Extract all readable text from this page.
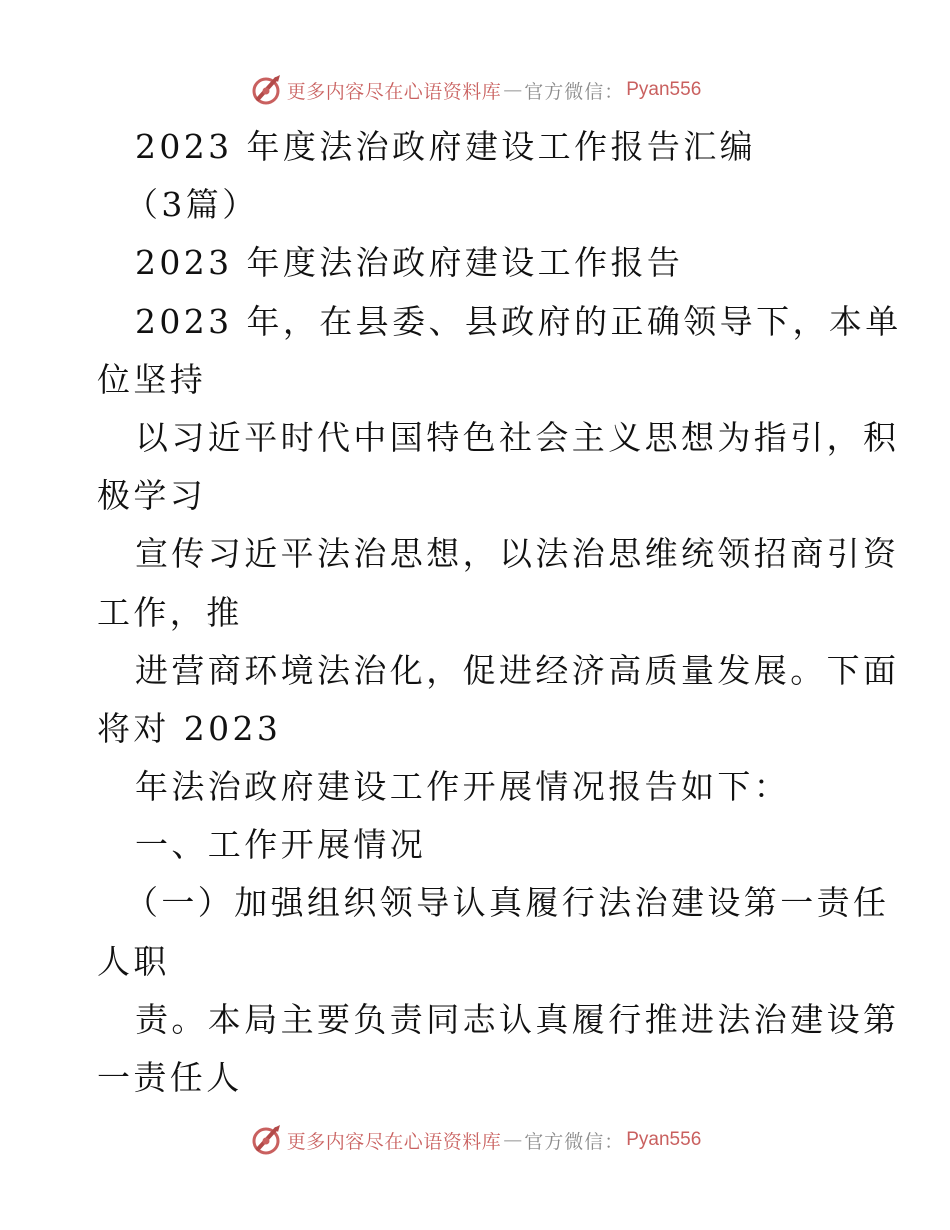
更多内容尽在心语资料库 — 官方微信： Pyan556
2023 年度法治政府建设工作报告汇编
（3篇）
2023 年度法治政府建设工作报告
2023 年，在县委、县政府的正确领导下，本单
位坚持
以习近平时代中国特色社会主义思想为指引，积
极学习
宣传习近平法治思想，以法治思维统领招商引资
工作，推
进营商环境法治化，促进经济高质量发展。下面
将对 2023
年法治政府建设工作开展情况报告如下：
一、工作开展情况
（一）加强组织领导认真履行法治建设第一责任
人职
责。本局主要负责同志认真履行推进法治建设第
一责任人
更多内容尽在心语资料库 — 官方微信： Pyan556
